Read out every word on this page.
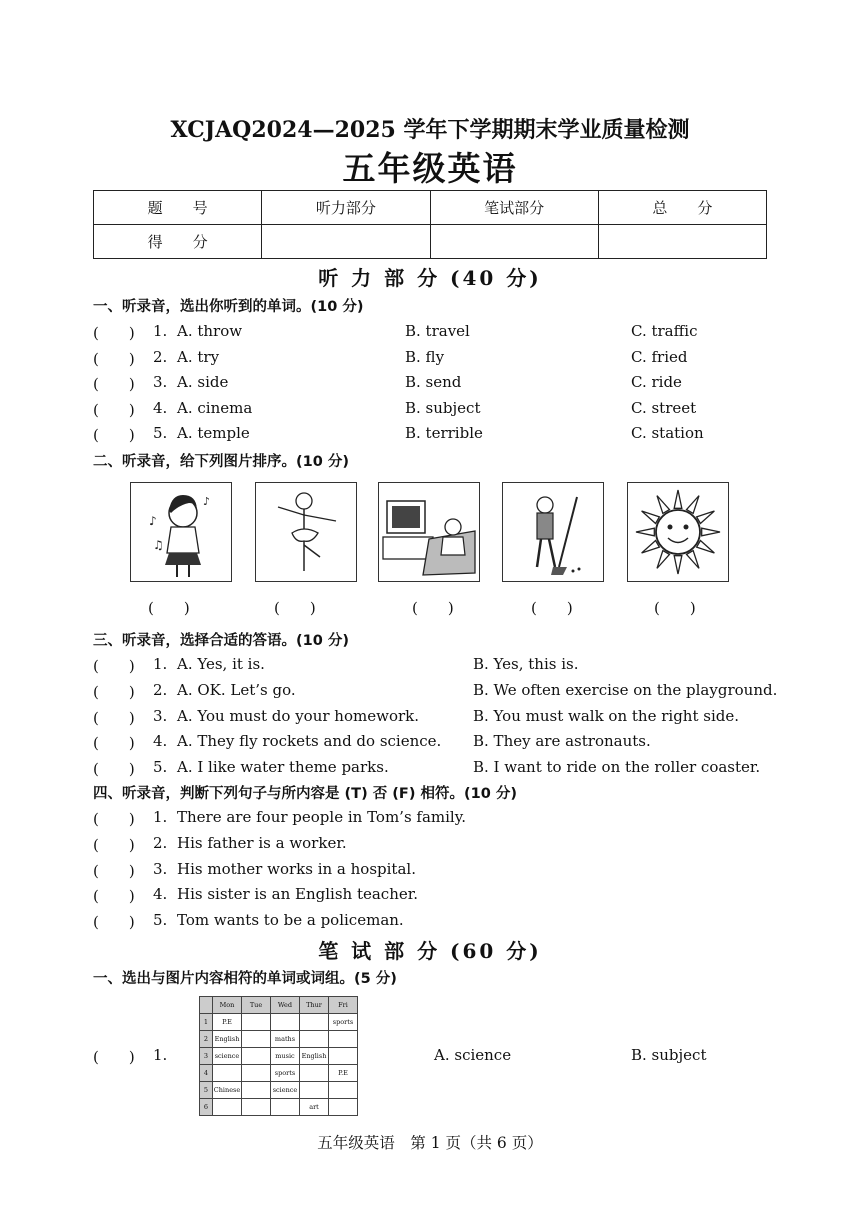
XCJAQ2024—2025 学年下学期期末学业质量检测
五年级英语
题　　号	听力部分	笔试部分	总　　分
得　　分			
听 力 部 分 (40 分)
一、听录音，选出你听到的单词。(10 分)
(　　) 1. A. throw	B. travel	C. traffic
(　　) 2. A. try	B. fly	C. fried
(　　) 3. A. side	B. send	C. ride
(　　) 4. A. cinema	B. subject	C. street
(　　) 5. A. temple	B. terrible	C. station
二、听录音，给下列图片排序。(10 分)
♪
♫
♪
(　　)	(　　)	(　　)	(　　)	(　　)
三、听录音，选择合适的答语。(10 分)
(　　) 1. A. Yes, it is.	B. Yes, this is.
(　　) 2. A. OK. Let’s go.	B. We often exercise on the playground.
(　　) 3. A. You must do your homework.	B. You must walk on the right side.
(　　) 4. A. They fly rockets and do science. B. They are astronauts.
(　　) 5. A. I like water theme parks.	B. I want to ride on the roller coaster.
四、听录音，判断下列句子与所内容是 (T) 否 (F) 相符。(10 分)
(　　) 1. There are four people in Tom’s family.
(　　) 2. His father is a worker.
(　　) 3. His mother works in a hospital.
(　　) 4. His sister is an English teacher.
(　　) 5. Tom wants to be a policeman.
笔 试 部 分 (60 分)
一、选出与图片内容相符的单词或词组。(5 分)
	Mon	Tue	Wed	Thur	Fri
1	P.E				sports
2	English		maths		
3	science		music	English	
4			sports		P.E
5	Chinese		science		
6				art	
(　　) 1.	A. science	B. subject
五年级英语　第 1 页（共 6 页）
